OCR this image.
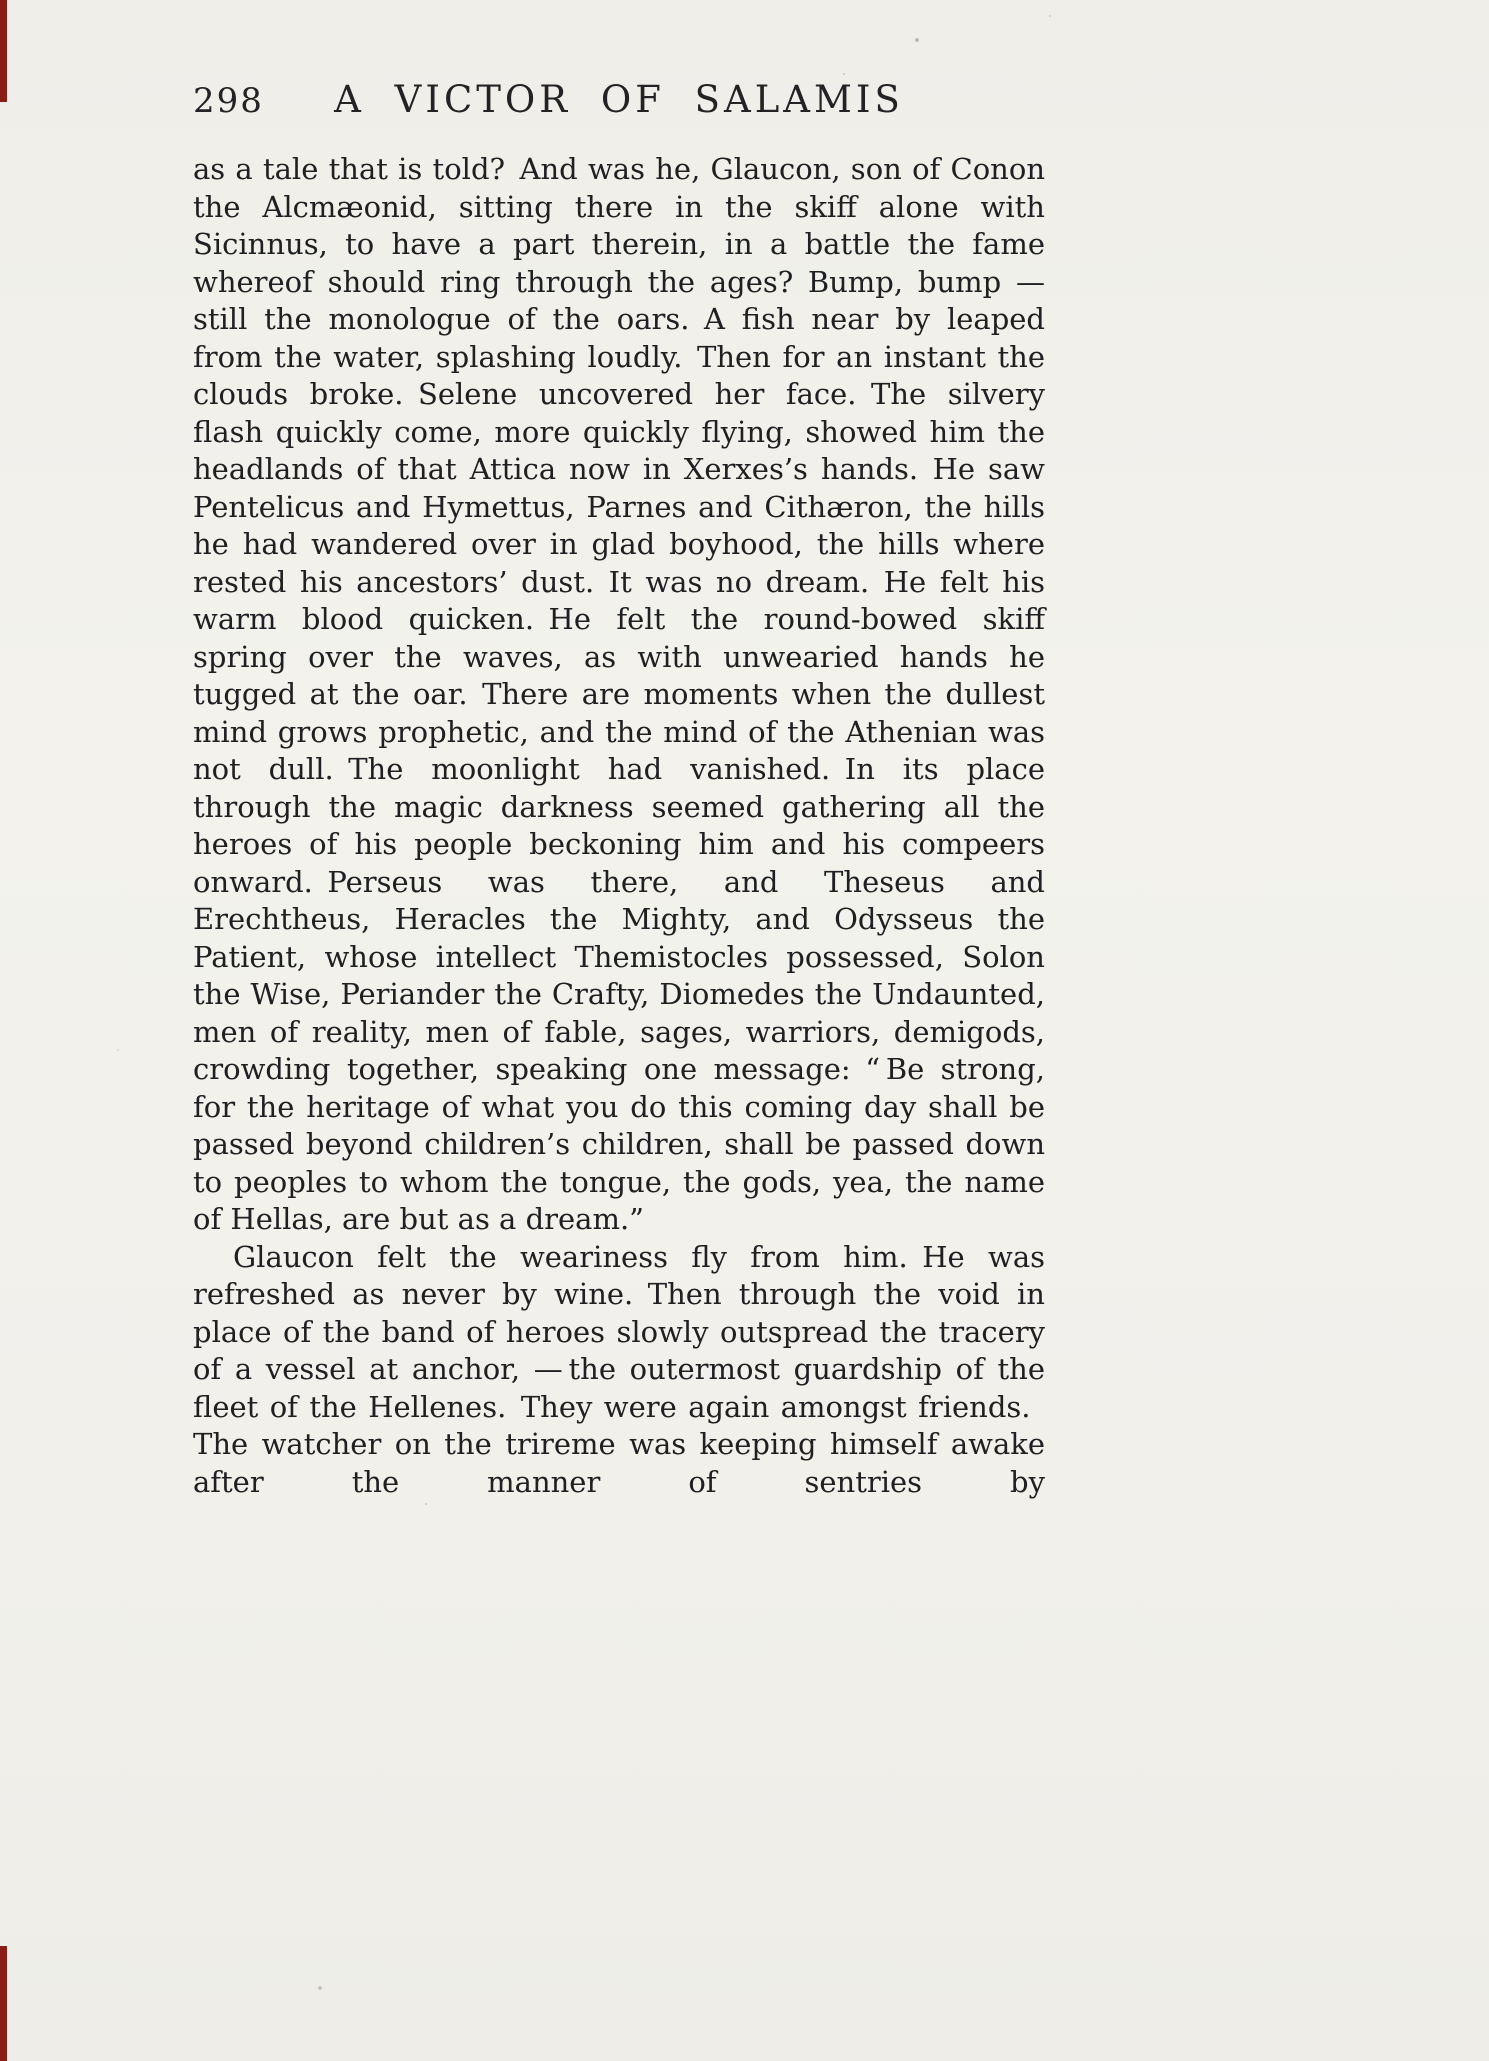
298	A VICTOR OF SALAMIS

as a tale that is told? And was he, Glaucon, son of Conon the Alcmæonid, sitting there in the skiff alone with Sicinnus, to have a part therein, in a battle the fame whereof should ring through the ages? Bump, bump — still the monologue of the oars. A fish near by leaped from the water, splashing loudly. Then for an instant the clouds broke. Selene uncovered her face. The silvery flash quickly come, more quickly flying, showed him the headlands of that Attica now in Xerxes’s hands. He saw Pentelicus and Hymettus, Parnes and Cithæron, the hills he had wandered over in glad boyhood, the hills where rested his ancestors’ dust. It was no dream. He felt his warm blood quicken. He felt the round-bowed skiff spring over the waves, as with unwearied hands he tugged at the oar. There are moments when the dullest mind grows prophetic, and the mind of the Athenian was not dull. The moonlight had vanished. In its place through the magic darkness seemed gathering all the heroes of his people beckoning him and his compeers onward. Perseus was there, and Theseus and Erechtheus, Heracles the Mighty, and Odysseus the Patient, whose intellect Themistocles possessed, Solon the Wise, Periander the Crafty, Diomedes the Undaunted, men of reality, men of fable, sages, warriors, demigods, crowding together, speaking one message: “ Be strong, for the heritage of what you do this coming day shall be passed beyond children’s children, shall be passed down to peoples to whom the tongue, the gods, yea, the name of Hellas, are but as a dream.”

Glaucon felt the weariness fly from him. He was refreshed as never by wine. Then through the void in place of the band of heroes slowly outspread the tracery of a vessel at anchor, — the outermost guardship of the fleet of the Hellenes. They were again amongst friends. The watcher on the trireme was keeping himself awake after the manner of sentries by
